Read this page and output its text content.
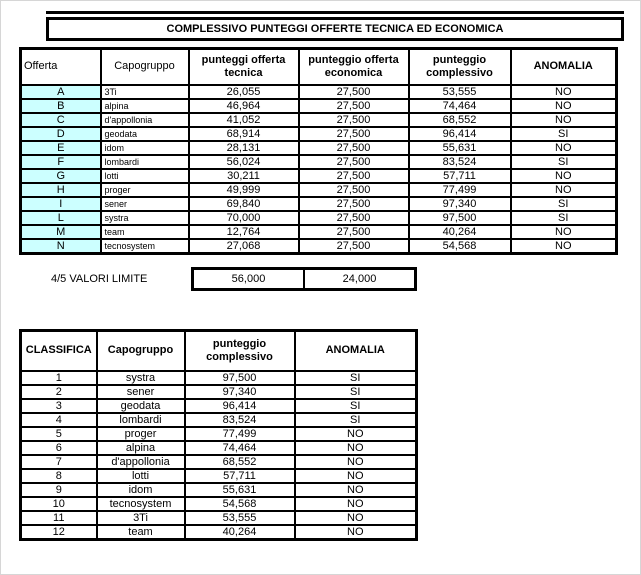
COMPLESSIVO PUNTEGGI OFFERTE TECNICA ED ECONOMICA
Offerta	Capogruppo	punteggi offerta tecnica	punteggio offerta economica	punteggio complessivo	ANOMALIA
A	3Ti	26,055	27,500	53,555	NO
B	alpina	46,964	27,500	74,464	NO
C	d'appollonia	41,052	27,500	68,552	NO
D	geodata	68,914	27,500	96,414	SI
E	idom	28,131	27,500	55,631	NO
F	lombardi	56,024	27,500	83,524	SI
G	lotti	30,211	27,500	57,711	NO
H	proger	49,999	27,500	77,499	NO
I	sener	69,840	27,500	97,340	SI
L	systra	70,000	27,500	97,500	SI
M	team	12,764	27,500	40,264	NO
N	tecnosystem	27,068	27,500	54,568	NO
4/5 VALORI LIMITE	56,000	24,000
CLASSIFICA	Capogruppo	punteggio complessivo	ANOMALIA
1	systra	97,500	SI
2	sener	97,340	SI
3	geodata	96,414	SI
4	lombardi	83,524	SI
5	proger	77,499	NO
6	alpina	74,464	NO
7	d'appollonia	68,552	NO
8	lotti	57,711	NO
9	idom	55,631	NO
10	tecnosystem	54,568	NO
11	3Ti	53,555	NO
12	team	40,264	NO
